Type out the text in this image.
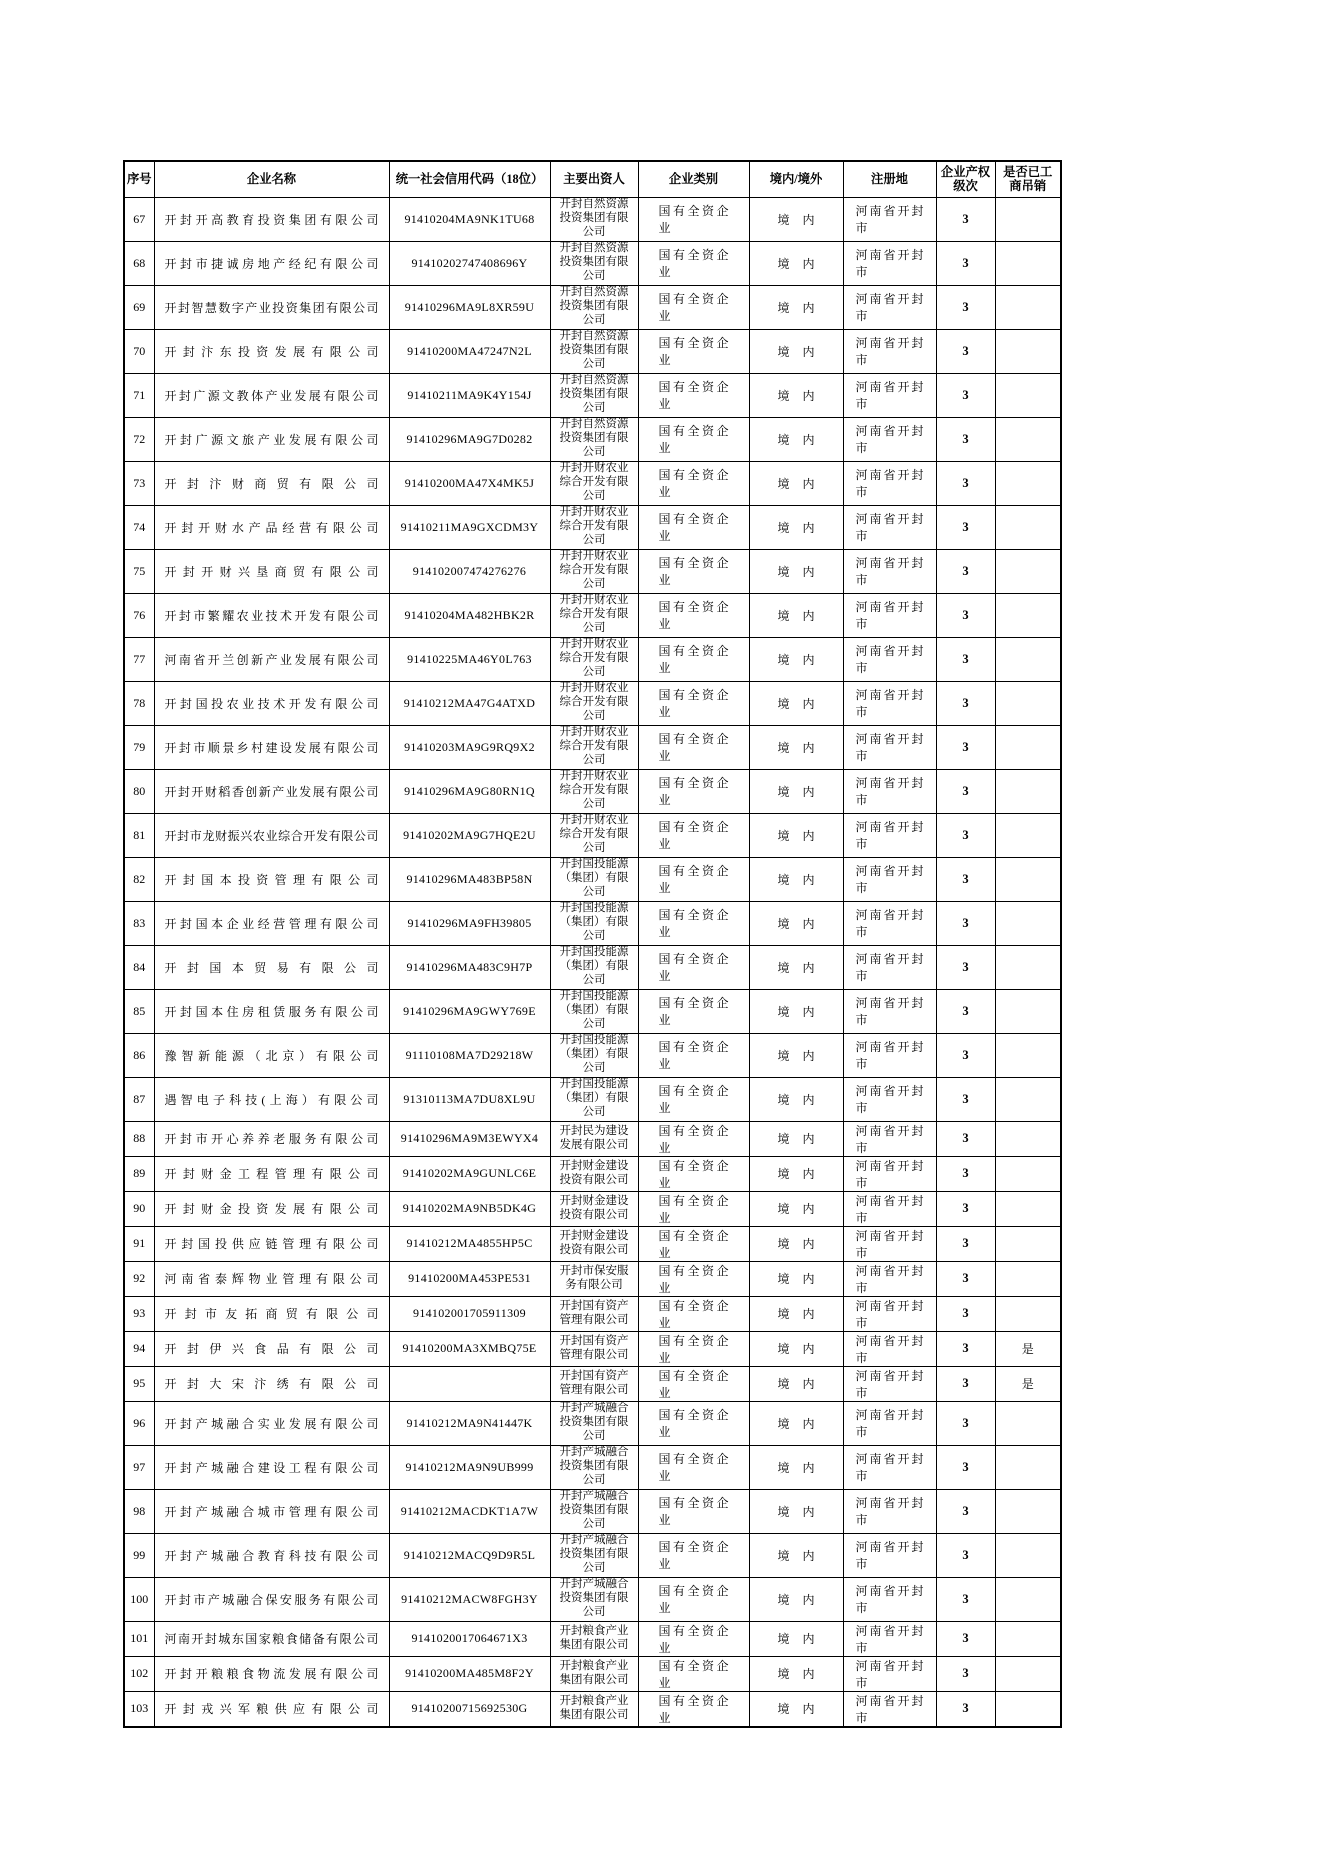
序号	企业名称	统一社会信用代码（18位）	主要出资人	企业类别	境内/境外	注册地	企业产权级次	是否已工商吊销
67	开封开高教育投资集团有限公司	91410204MA9NK1TU68	开封自然资源投资集团有限公司	国有全资企业	境内	河南省开封市	3	
68	开封市捷诚房地产经纪有限公司	91410202747408696Y	开封自然资源投资集团有限公司	国有全资企业	境内	河南省开封市	3	
69	开封智慧数字产业投资集团有限公司	91410296MA9L8XR59U	开封自然资源投资集团有限公司	国有全资企业	境内	河南省开封市	3	
70	开封汴东投资发展有限公司	91410200MA47247N2L	开封自然资源投资集团有限公司	国有全资企业	境内	河南省开封市	3	
71	开封广源文教体产业发展有限公司	91410211MA9K4Y154J	开封自然资源投资集团有限公司	国有全资企业	境内	河南省开封市	3	
72	开封广源文旅产业发展有限公司	91410296MA9G7D0282	开封自然资源投资集团有限公司	国有全资企业	境内	河南省开封市	3	
73	开封汴财商贸有限公司	91410200MA47X4MK5J	开封开财农业综合开发有限公司	国有全资企业	境内	河南省开封市	3	
74	开封开财水产品经营有限公司	91410211MA9GXCDM3Y	开封开财农业综合开发有限公司	国有全资企业	境内	河南省开封市	3	
75	开封开财兴垦商贸有限公司	914102007474276276	开封开财农业综合开发有限公司	国有全资企业	境内	河南省开封市	3	
76	开封市繁耀农业技术开发有限公司	91410204MA482HBK2R	开封开财农业综合开发有限公司	国有全资企业	境内	河南省开封市	3	
77	河南省开兰创新产业发展有限公司	91410225MA46Y0L763	开封开财农业综合开发有限公司	国有全资企业	境内	河南省开封市	3	
78	开封国投农业技术开发有限公司	91410212MA47G4ATXD	开封开财农业综合开发有限公司	国有全资企业	境内	河南省开封市	3	
79	开封市顺景乡村建设发展有限公司	91410203MA9G9RQ9X2	开封开财农业综合开发有限公司	国有全资企业	境内	河南省开封市	3	
80	开封开财稻香创新产业发展有限公司	91410296MA9G80RN1Q	开封开财农业综合开发有限公司	国有全资企业	境内	河南省开封市	3	
81	开封市龙财振兴农业综合开发有限公司	91410202MA9G7HQE2U	开封开财农业综合开发有限公司	国有全资企业	境内	河南省开封市	3	
82	开封国本投资管理有限公司	91410296MA483BP58N	开封国投能源（集团）有限公司	国有全资企业	境内	河南省开封市	3	
83	开封国本企业经营管理有限公司	91410296MA9FH39805	开封国投能源（集团）有限公司	国有全资企业	境内	河南省开封市	3	
84	开封国本贸易有限公司	91410296MA483C9H7P	开封国投能源（集团）有限公司	国有全资企业	境内	河南省开封市	3	
85	开封国本住房租赁服务有限公司	91410296MA9GWY769E	开封国投能源（集团）有限公司	国有全资企业	境内	河南省开封市	3	
86	豫智新能源（北京）有限公司	91110108MA7D29218W	开封国投能源（集团）有限公司	国有全资企业	境内	河南省开封市	3	
87	遇智电子科技(上海）有限公司	91310113MA7DU8XL9U	开封国投能源（集团）有限公司	国有全资企业	境内	河南省开封市	3	
88	开封市开心养养老服务有限公司	91410296MA9M3EWYX4	开封民为建设发展有限公司	国有全资企业	境内	河南省开封市	3	
89	开封财金工程管理有限公司	91410202MA9GUNLC6E	开封财金建设投资有限公司	国有全资企业	境内	河南省开封市	3	
90	开封财金投资发展有限公司	91410202MA9NB5DK4G	开封财金建设投资有限公司	国有全资企业	境内	河南省开封市	3	
91	开封国投供应链管理有限公司	91410212MA4855HP5C	开封财金建设投资有限公司	国有全资企业	境内	河南省开封市	3	
92	河南省泰辉物业管理有限公司	91410200MA453PE531	开封市保安服务有限公司	国有全资企业	境内	河南省开封市	3	
93	开封市友拓商贸有限公司	914102001705911309	开封国有资产管理有限公司	国有全资企业	境内	河南省开封市	3	
94	开封伊兴食品有限公司	91410200MA3XMBQ75E	开封国有资产管理有限公司	国有全资企业	境内	河南省开封市	3	是
95	开封大宋汴绣有限公司		开封国有资产管理有限公司	国有全资企业	境内	河南省开封市	3	是
96	开封产城融合实业发展有限公司	91410212MA9N41447K	开封产城融合投资集团有限公司	国有全资企业	境内	河南省开封市	3	
97	开封产城融合建设工程有限公司	91410212MA9N9UB999	开封产城融合投资集团有限公司	国有全资企业	境内	河南省开封市	3	
98	开封产城融合城市管理有限公司	91410212MACDKT1A7W	开封产城融合投资集团有限公司	国有全资企业	境内	河南省开封市	3	
99	开封产城融合教育科技有限公司	91410212MACQ9D9R5L	开封产城融合投资集团有限公司	国有全资企业	境内	河南省开封市	3	
100	开封市产城融合保安服务有限公司	91410212MACW8FGH3Y	开封产城融合投资集团有限公司	国有全资企业	境内	河南省开封市	3	
101	河南开封城东国家粮食储备有限公司	9141020017064671X3	开封粮食产业集团有限公司	国有全资企业	境内	河南省开封市	3	
102	开封开粮粮食物流发展有限公司	91410200MA485M8F2Y	开封粮食产业集团有限公司	国有全资企业	境内	河南省开封市	3	
103	开封戎兴军粮供应有限公司	91410200715692530G	开封粮食产业集团有限公司	国有全资企业	境内	河南省开封市	3	
